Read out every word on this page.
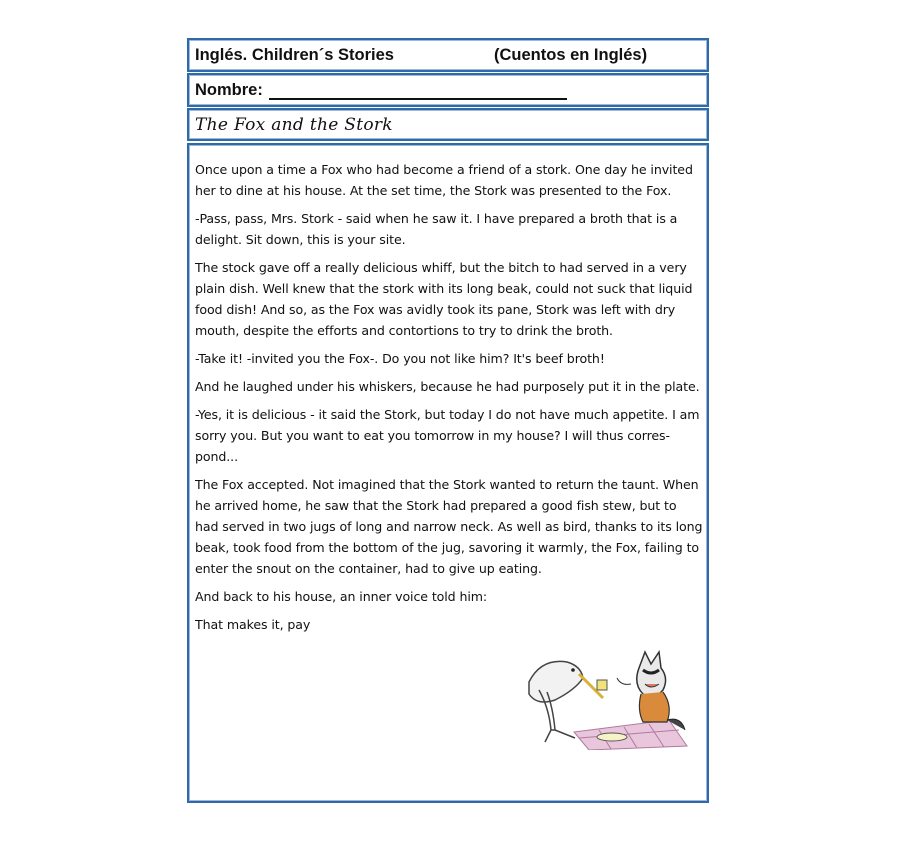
Inglés. Children´s Stories	(Cuentos en Inglés)
Nombre:
The Fox and the Stork

Once upon a time a Fox who had become a friend of a stork. One day he invited her to dine at his house. At the set time, the Stork was presented to the Fox.

-Pass, pass, Mrs. Stork - said when he saw it. I have prepared a broth that is a delight. Sit down, this is your site.

The stock gave off a really delicious whiff, but the bitch to had served in a very plain dish. Well knew that the stork with its long beak, could not suck that liquid food dish! And so, as the Fox was avidly took its pane, Stork was left with dry mouth, despite the efforts and contortions to try to drink the broth.

-Take it! -invited you the Fox-. Do you not like him? It's beef broth!

And he laughed under his whiskers, because he had purposely put it in the plate.

-Yes, it is delicious - it said the Stork, but today I do not have much appetite. I am sorry you. But you want to eat you tomorrow in my house? I will thus corres-pond...

The Fox accepted. Not imagined that the Stork wanted to return the taunt. When he arrived home, he saw that the Stork had prepared a good fish stew, but to had served in two jugs of long and narrow neck. As well as bird, thanks to its long beak, took food from the bottom of the jug, savoring it warmly, the Fox, failing to enter the snout on the container, had to give up eating.

And back to his house, an inner voice told him:

That makes it, pay
